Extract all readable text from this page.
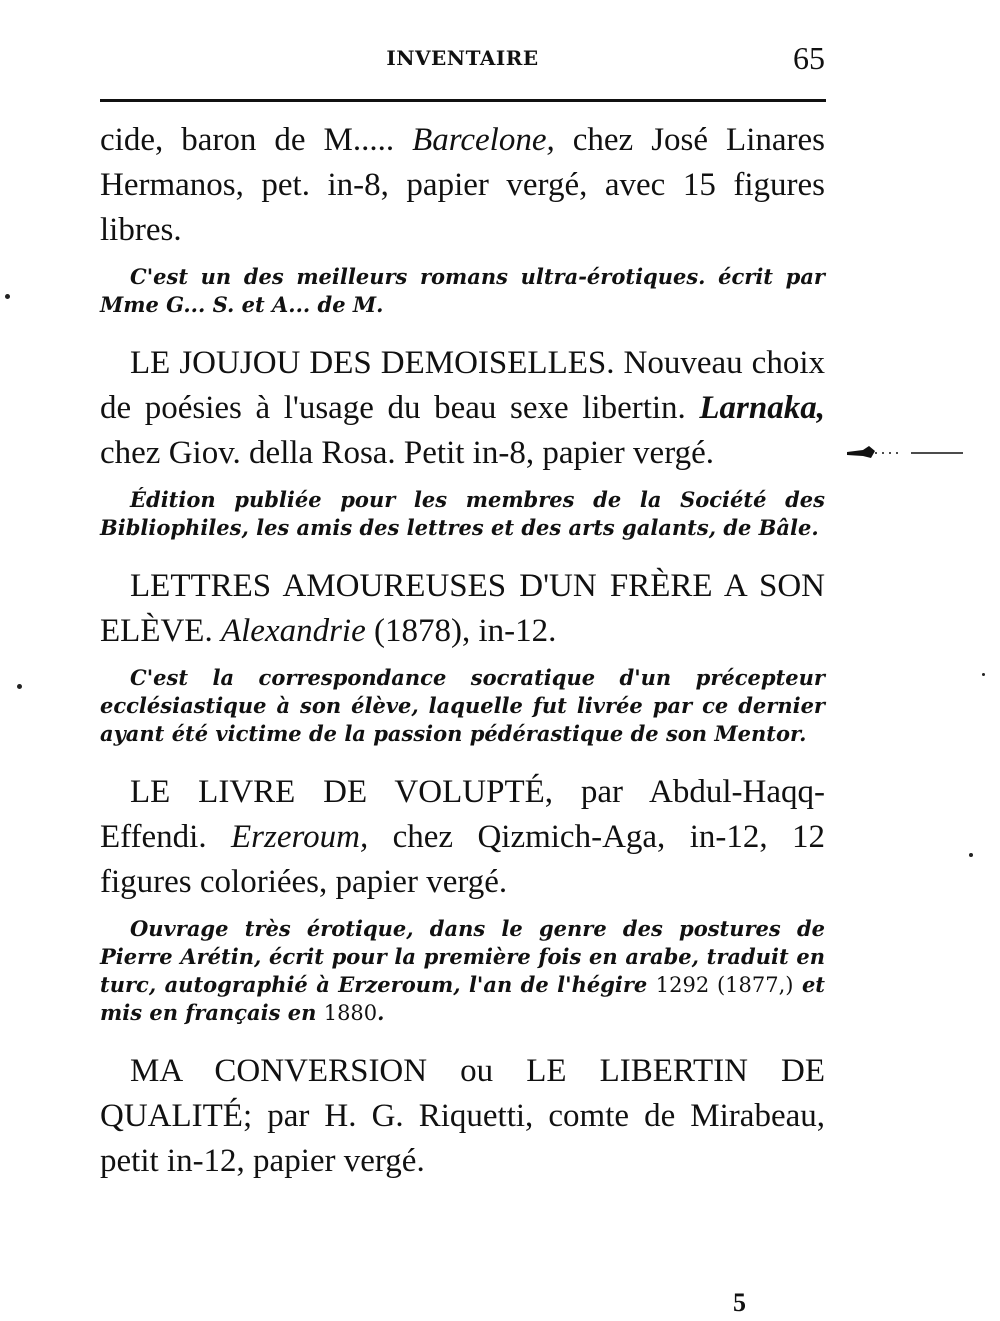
INVENTAIRE	65

cide, baron de M..... Barcelone, chez José Linares Hermanos, pet. in-8, papier vergé, avec 15 figures libres.

C'est un des meilleurs romans ultra-érotiques. écrit par Mme G... S. et A... de M.

LE JOUJOU DES DEMOISELLES. Nouveau choix de poésies à l'usage du beau sexe libertin. Larnaka, chez Giov. della Rosa. Petit in-8, papier vergé.

Édition publiée pour les membres de la Société des Bibliophiles, les amis des lettres et des arts galants, de Bâle.

LETTRES AMOUREUSES D'UN FRÈRE A SON ELÈVE. Alexandrie (1878), in-12.

C'est la correspondance socratique d'un précepteur ecclésiastique à son élève, laquelle fut livrée par ce dernier ayant été victime de la passion pédérastique de son Mentor.

LE LIVRE DE VOLUPTÉ, par Abdul-Haqq-Effendi. Erzeroum, chez Qizmich-Aga, in-12, 12 figures coloriées, papier vergé.

Ouvrage très érotique, dans le genre des postures de Pierre Arétin, écrit pour la première fois en arabe, traduit en turc, autographié à Erzeroum, l'an de l'hégire 1292 (1877,) et mis en français en 1880.

MA CONVERSION ou LE LIBERTIN DE QUALITÉ; par H. G. Riquetti, comte de Mirabeau, petit in-12, papier vergé.

5
